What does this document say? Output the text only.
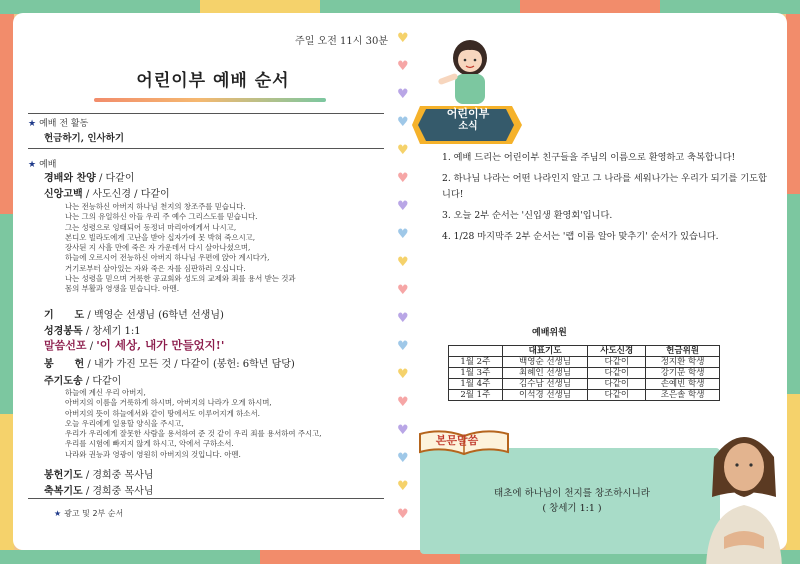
주일 오전 11시 30분
어린이부 예배 순서
★ 예배 전 활동
헌금하기, 인사하기
★ 예배
경배와 찬양 / 다같이
신앙고백 / 사도신경 / 다같이
나는 전능하신 아버지 하나님 천지의 창조주를 믿습니다.
나는 그의 유일하신 아들 우리 주 예수 그리스도를 믿습니다.
그는 성령으로 잉태되어 동정녀 마리아에게서 나시고,
본디오 빌라도에게 고난을 받아 십자가에 못 박혀 죽으시고,
장사된 지 사흘 만에 죽은 자 가운데서 다시 살아나셨으며,
하늘에 오르시어 전능하신 아버지 하나님 우편에 앉아 계시다가,
거기로부터 살아있는 자와 죽은 자를 심판하러 오십니다.
나는 성령을 믿으며 거룩한 공교회와 성도의 교제와 죄를 용서 받는 것과
몸의 부활과 영생을 믿습니다. 아멘.
기      도 / 백영순 선생님 (6학년 선생님)
성경봉독 / 창세기 1:1
말씀선포 / '이 세상, 내가 만들었지!'
봉      헌 / 내가 가진 모든 것 / 다같이 (봉헌: 6학년 담당)
주기도송 / 다같이
하늘에 계신 우리 아버지,
아버지의 이름을 거룩하게 하시며, 아버지의 나라가 오게 하시며,
아버지의 뜻이 하늘에서와 같이 땅에서도 이루어지게 하소서.
오늘 우리에게 일용할 양식을 주시고,
우리가 우리에게 잘못한 사람을 용서하여 준 것 같이 우리 죄를 용서하여 주시고,
우리를 시험에 빠지지 않게 하시고, 악에서 구하소서.
나라와 권능과 영광이 영원히 아버지의 것입니다. 아멘.
봉헌기도 / 경희중 목사님
축복기도 / 경희중 목사님
★ 광고 및 2부 순서
♥
♥
♥
♥
♥
♥
♥
♥
♥
♥
♥
♥
♥
♥
♥
♥
♥
♥
어린이부
소식

1. 예배 드리는 어린이부 친구들을 주님의 이름으로 환영하고 축복합니다!

2. 하나님 나라는 어떤 나라인지 알고 그 나라를 세워나가는 우리가 되기를 기도합니다!

3. 오늘 2부 순서는 '신입생 환영회'입니다.

4. 1/28 마지막주 2부 순서는 '랩 이름 알아 맞추기' 순서가 있습니다.

예배위원
	대표기도	사도신경	헌금위원
1월 2주	백영순 선생님	다같이	정지환 학생
1월 3주	최혜인 선생님	다같이	강기문 학생
1월 4주	김수남 선생님	다같이	손예빈 학생
2월 1주	이석경 선생님	다같이	조은솔 학생
본문말씀
태초에 하나님이 천지를 창조하시니라
( 창세기 1:1 )
